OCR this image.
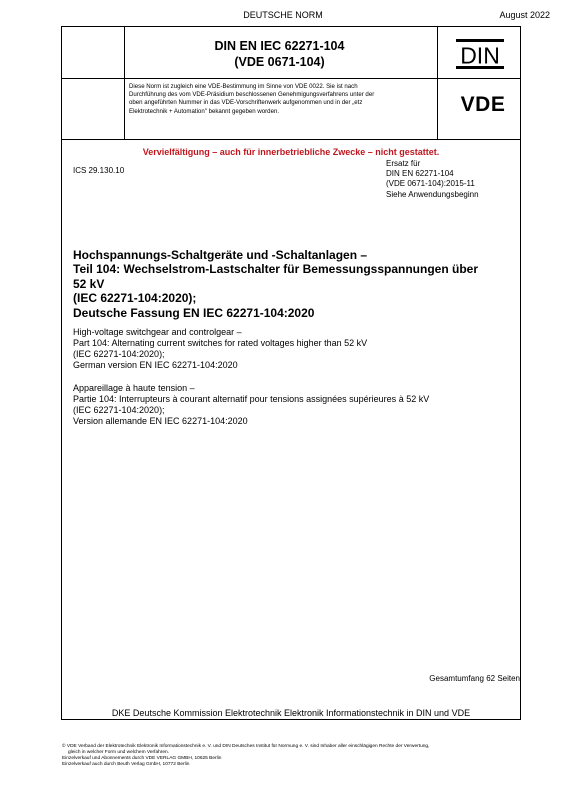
DEUTSCHE NORM	August 2022
DIN EN IEC 62271-104
(VDE 0671-104)	DIN
Diese Norm ist zugleich eine VDE-Bestimmung im Sinne von VDE 0022. Sie ist nach
Durchführung des vom VDE-Präsidium beschlossenen Genehmigungsverfahrens unter der
oben angeführten Nummer in das VDE-Vorschriftenwerk aufgenommen und in der „etz
Elektrotechnik + Automation" bekannt gegeben worden.	VDE
Vervielfältigung – auch für innerbetriebliche Zwecke – nicht gestattet.
ICS 29.130.10
Ersatz für
DIN EN 62271-104
(VDE 0671-104):2015-11
Siehe Anwendungsbeginn
Hochspannungs-Schaltgeräte und -Schaltanlagen –
Teil 104: Wechselstrom-Lastschalter für Bemessungsspannungen über
52 kV
(IEC 62271-104:2020);
Deutsche Fassung EN IEC 62271-104:2020
High-voltage switchgear and controlgear –
Part 104: Alternating current switches for rated voltages higher than 52 kV
(IEC 62271-104:2020);
German version EN IEC 62271-104:2020
Appareillage à haute tension –
Partie 104: Interrupteurs à courant alternatif pour tensions assignées supérieures à 52 kV
(IEC 62271-104:2020);
Version allemande EN IEC 62271-104:2020
Gesamtumfang 62 Seiten
DKE Deutsche Kommission Elektrotechnik Elektronik Informationstechnik in DIN und VDE
© VDE Verband der Elektrotechnik Elektronik Informationstechnik e. V. und DIN Deutsches Institut für Normung e. V. sind Inhaber aller einschlägigen Rechte der Verwertung,
gleich in welcher Form und welchem Verfahren.
Einzelverkauf und Abonnements durch VDE VERLAG GMBH, 10625 Berlin
Einzelverkauf auch durch Beuth Verlag GmbH, 10772 Berlin
